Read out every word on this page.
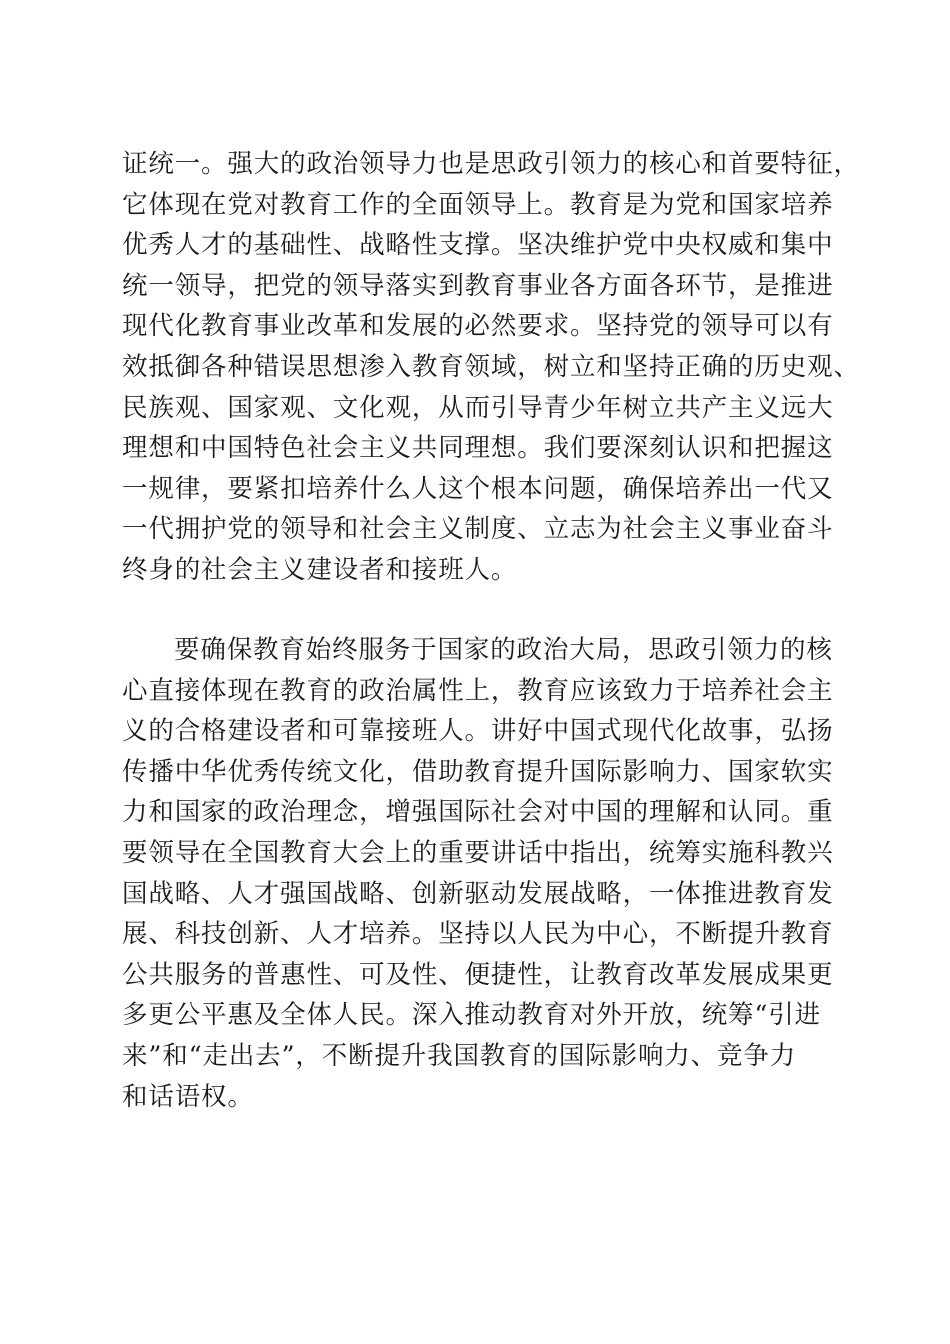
证统一。强大的政治领导力也是思政引领力的核心和首要特征，
它体现在党对教育工作的全面领导上。教育是为党和国家培养
优秀人才的基础性、战略性支撑。坚决维护党中央权威和集中
统一领导，把党的领导落实到教育事业各方面各环节，是推进
现代化教育事业改革和发展的必然要求。坚持党的领导可以有
效抵御各种错误思想渗入教育领域，树立和坚持正确的历史观、
民族观、国家观、文化观，从而引导青少年树立共产主义远大
理想和中国特色社会主义共同理想。我们要深刻认识和把握这
一规律，要紧扣培养什么人这个根本问题，确保培养出一代又
一代拥护党的领导和社会主义制度、立志为社会主义事业奋斗
终身的社会主义建设者和接班人。
要确保教育始终服务于国家的政治大局，思政引领力的核
心直接体现在教育的政治属性上，教育应该致力于培养社会主
义的合格建设者和可靠接班人。讲好中国式现代化故事，弘扬
传播中华优秀传统文化，借助教育提升国际影响力、国家软实
力和国家的政治理念，增强国际社会对中国的理解和认同。重
要领导在全国教育大会上的重要讲话中指出，统筹实施科教兴
国战略、人才强国战略、创新驱动发展战略，一体推进教育发
展、科技创新、人才培养。坚持以人民为中心，不断提升教育
公共服务的普惠性、可及性、便捷性，让教育改革发展成果更
多更公平惠及全体人民。深入推动教育对外开放，统筹“引进
来”和“走出去”，不断提升我国教育的国际影响力、竞争力
和话语权。
